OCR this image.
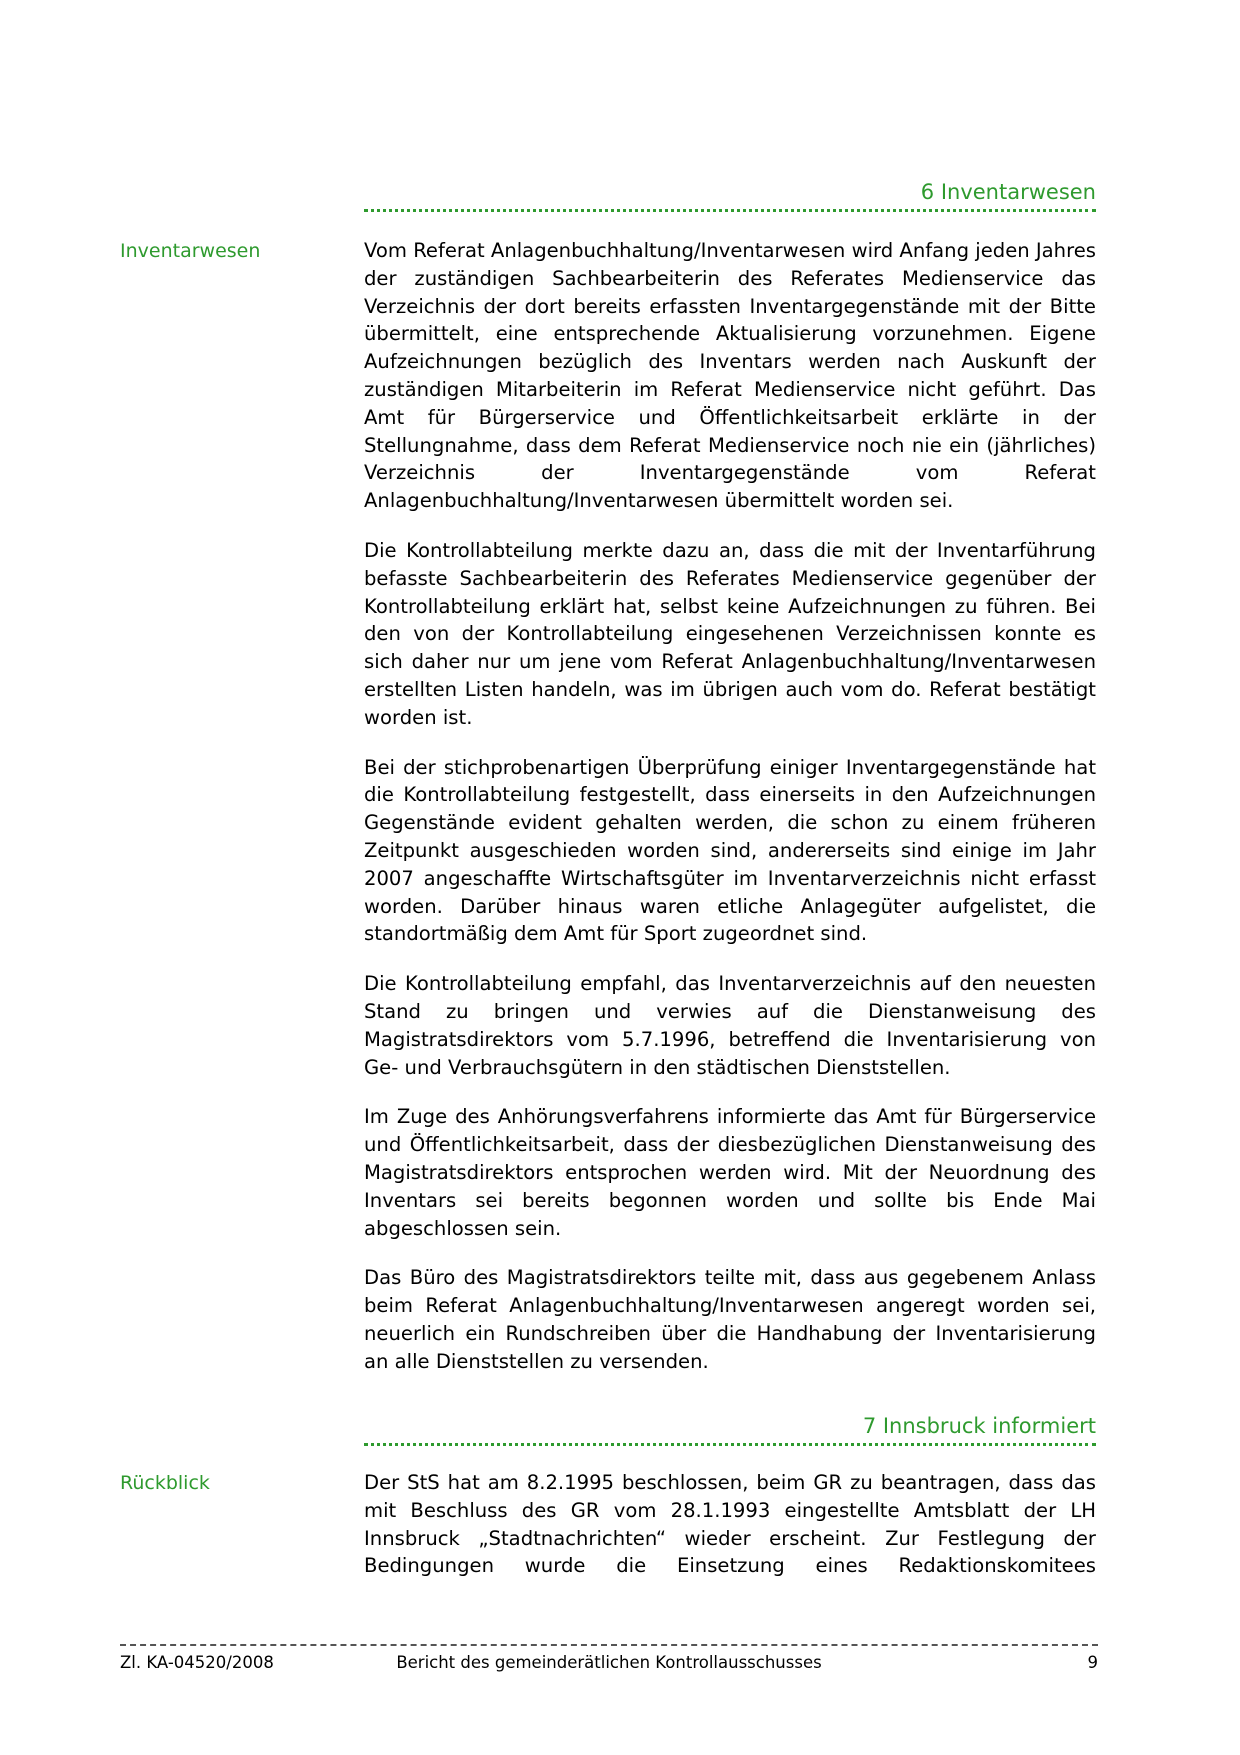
6 Inventarwesen
Inventarwesen	Vom Referat Anlagenbuchhaltung/Inventarwesen wird Anfang jeden Jahres der zuständigen Sachbearbeiterin des Referates Medienservice das Verzeichnis der dort bereits erfassten Inventargegenstände mit der Bitte übermittelt, eine entsprechende Aktualisierung vorzunehmen. Eigene Aufzeichnungen bezüglich des Inventars werden nach Auskunft der zuständigen Mitarbeiterin im Referat Medienservice nicht geführt. Das Amt für Bürgerservice und Öffentlichkeitsarbeit erklärte in der Stellungnahme, dass dem Referat Medienservice noch nie ein (jährliches) Verzeichnis der Inventargegenstände vom Referat Anlagenbuchhaltung/Inventarwesen übermittelt worden sei.

Die Kontrollabteilung merkte dazu an, dass die mit der Inventarführung befasste Sachbearbeiterin des Referates Medienservice gegenüber der Kontrollabteilung erklärt hat, selbst keine Aufzeichnungen zu führen. Bei den von der Kontrollabteilung eingesehenen Verzeichnissen konnte es sich daher nur um jene vom Referat Anlagenbuchhaltung/Inventarwesen erstellten Listen handeln, was im übrigen auch vom do. Referat bestätigt worden ist.

Bei der stichprobenartigen Überprüfung einiger Inventargegenstände hat die Kontrollabteilung festgestellt, dass einerseits in den Aufzeichnungen Gegenstände evident gehalten werden, die schon zu einem früheren Zeitpunkt ausgeschieden worden sind, andererseits sind einige im Jahr 2007 angeschaffte Wirtschaftsgüter im Inventarverzeichnis nicht erfasst worden. Darüber hinaus waren etliche Anlagegüter aufgelistet, die standortmäßig dem Amt für Sport zugeordnet sind.

Die Kontrollabteilung empfahl, das Inventarverzeichnis auf den neuesten Stand zu bringen und verwies auf die Dienstanweisung des Magistratsdirektors vom 5.7.1996, betreffend die Inventarisierung von Ge- und Verbrauchsgütern in den städtischen Dienststellen.

Im Zuge des Anhörungsverfahrens informierte das Amt für Bürgerservice und Öffentlichkeitsarbeit, dass der diesbezüglichen Dienstanweisung des Magistratsdirektors entsprochen werden wird. Mit der Neuordnung des Inventars sei bereits begonnen worden und sollte bis Ende Mai abgeschlossen sein.

Das Büro des Magistratsdirektors teilte mit, dass aus gegebenem Anlass beim Referat Anlagenbuchhaltung/Inventarwesen angeregt worden sei, neuerlich ein Rundschreiben über die Handhabung der Inventarisierung an alle Dienststellen zu versenden.

7 Innsbruck informiert
Rückblick	Der StS hat am 8.2.1995 beschlossen, beim GR zu beantragen, dass das mit Beschluss des GR vom 28.1.1993 eingestellte Amtsblatt der LH Innsbruck „Stadtnachrichten“ wieder erscheint. Zur Festlegung der Bedingungen wurde die Einsetzung eines Redaktionskomitees

Zl. KA-04520/2008	Bericht des gemeinderätlichen Kontrollausschusses	9
